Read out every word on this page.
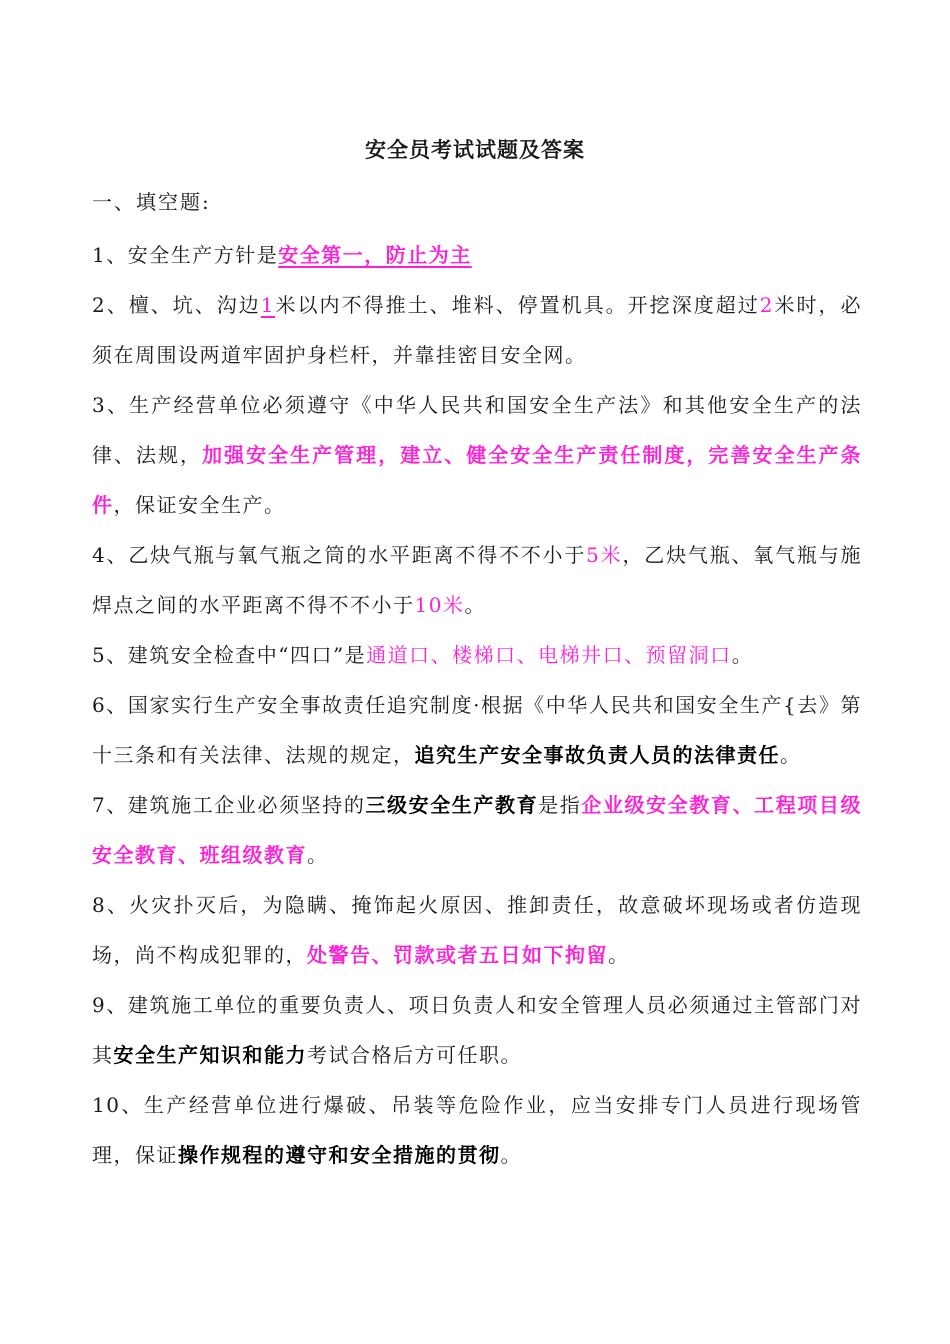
安全员考试试题及答案
一、填空题:

1、安全生产方针是安全第一，防止为主

2、檀、坑、沟边1米以内不得推土、堆料、停置机具。开挖深度超过2米时，必须在周围设两道牢固护身栏杆，并靠挂密目安全网。

3、生产经营单位必须遵守《中华人民共和国安全生产法》和其他安全生产的法律、法规，加强安全生产管理，建立、健全安全生产责任制度，完善安全生产条件，保证安全生产。

4、乙炔气瓶与氧气瓶之筒的水平距离不得不不小于5米，乙炔气瓶、氧气瓶与施焊点之间的水平距离不得不不小于10米。

5、建筑安全检查中“四口”是通道口、楼梯口、电梯井口、预留洞口。

6、国家实行生产安全事故责任追究制度·根据《中华人民共和国安全生产{去》第十三条和有关法律、法规的规定，追究生产安全事故负责人员的法律责任。

7、建筑施工企业必须坚持的三级安全生产教育是指企业级安全教育、工程项目级安全教育、班组级教育。

8、火灾扑灭后，为隐瞒、掩饰起火原因、推卸责任，故意破坏现场或者仿造现场，尚不构成犯罪的，处警告、罚款或者五日如下拘留。

9、建筑施工单位的重要负责人、项日负责人和安全管理人员必须通过主管部门对其安全生产知识和能力考试合格后方可任职。

10、生产经营单位进行爆破、吊装等危险作业，应当安排专门人员进行现场管理，保证操作规程的遵守和安全措施的贯彻。
